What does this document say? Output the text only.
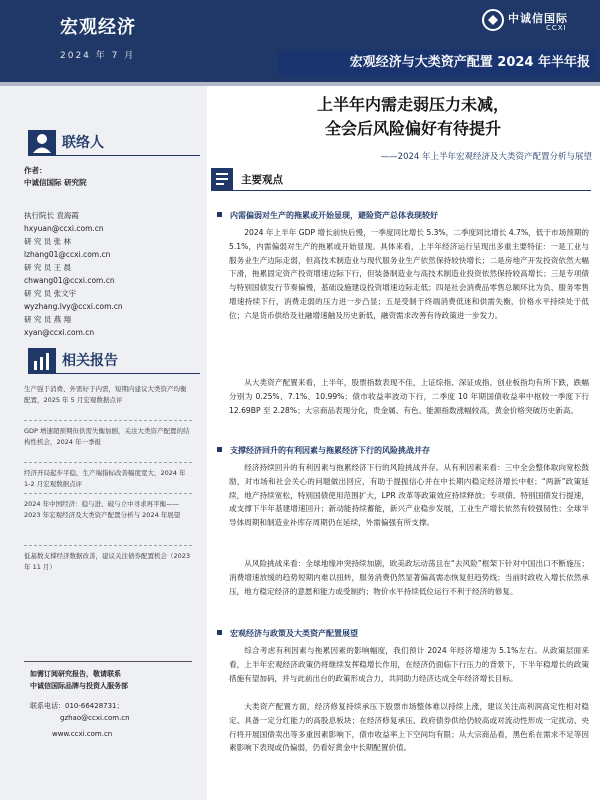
宏观经济
2024 年 7 月
中诚信国际
CCXI
宏观经济与大类资产配置 2024 年半年报
联络人
作者：
中诚信国际 研究院
执行院长 袁海霞
hxyuan@ccxi.com.cn
研 究 员 张 林
lzhang01@ccxi.com.cn
研 究 员 王 晨
chwang01@ccxi.com.cn
研 究 员 张文宇
wyzhang.lvy@ccxi.com.cn
研 究 员 燕 翔
xyan@ccxi.com.cn
相关报告
生产强于消费、外需好于内需，短期内建议大类资产均衡配置，2025 年 5 月宏观数据点评
GDP 增速超预期但供需失衡加剧，关注大类资产配置的结构性机会，2024 年一季报
经济开局起步平稳，生产端指标改善幅度宽大，2024 年 1-2 月宏观数据点评
2024 年中国经济：稳与进、破与立中寻求再平衡——2023 年宏观经济及大类资产配置分析与 2024 年展望
低基数支撑经济数据改善，建议关注债券配置机会（2023 年 11 月）
如需订阅研究报告，敬请联系
中诚信国际品牌与投资人服务部
联系电话：010-66428731；
gzhao@ccxi.com.cn
www.ccxi.com.cn
上半年内需走弱压力未减，
全会后风险偏好有待提升
——2024 年上半年宏观经济及大类资产配置分析与展望
主要观点
内需偏弱对生产的拖累或开始显现，避险资产总体表现较好
2024 年上半年 GDP 增长前快后慢，一季度同比增长 5.3%，二季度同比增长 4.7%，低于市场预期的 5.1%，内需偏弱对生产的拖累或开始显现。具体来看，上半年经济运行呈现出多重主要特征：一是工业与服务业生产边际走弱，但高技术制造业与现代服务业生产依然保持较快增长；二是房地产开发投资依然大幅下滑，拖累固定资产投资增速边际下行，但装备制造业与高技术制造业投资依然保持较高增长；三是专项债与特别国债发行节奏偏慢，基础设施建设投资增速边际走低；四是社会消费品零售总额环比为负、服务零售增速持续下行，消费走弱的压力进一步凸显；五是受制于终端消费低迷和供需失衡，价格水平持续处于低位；六是货币供给及社融增速触及历史新低，融资需求改善有待政策进一步发力。
从大类资产配置来看，上半年，股票指数表现不佳，上证综指、深证成指、创业板指均有所下跌，跌幅分别为 0.25%、7.1%、10.99%；债市收益率波动下行，二季度 10 年期国债收益率中枢较一季度下行 12.69BP 至 2.28%；大宗商品表现分化，贵金属、有色、能源指数涨幅较高，黄金价格突破历史新高。
支撑经济回升的有利因素与拖累经济下行的风险挑战并存
经济持续回升的有利因素与拖累经济下行的风险挑战并存。从有利因素来看：三中全会整体取向宽松鼓励，对市场和社会关心的问题做出回应，有助于提振信心并在中长期内稳定经济增长中枢；“两新”政策延续，地产持续宽松，特别国债使用范围扩大，LPR 改革等政策效应持续释放；专项债、特别国债发行提速，或支撑下半年基建增速回升；新动能持续蓄能，新兴产业稳步发展，工业生产增长依然有较强韧性；全球半导体周期和制造业补库存周期仍在延续，外需偏强有所支撑。
从风险挑战来看：全球地缘冲突持续加剧，欧美政坛动荡且在“去风险”框架下针对中国出口不断施压；消费增速放缓的趋势短期内难以扭转，服务消费仍然显著偏高需态恢复但趋势线；当前时政收入增长依然承压，地方稳定经济的意愿和能力或受制约；物价水平持续低位运行不利于经济的修复。
宏观经济与政策及大类资产配置展望
综合考虑有利因素与拖累因素的影响幅度，我们预计 2024 年经济增速为 5.1%左右。从政策层面来看，上半年宏观经济政策仍将继续发挥稳增长作用，在经济仍面临下行压力的背景下，下半年稳增长的政策措施有望加码，并与此前出台的政策形成合力，共同助力经济达成全年经济增长目标。
大类资产配置方面，经济修复持续承压下股票市场整体难以持续上涨，建议关注高利润高定性相对稳定、具备一定分红能力的高股息板块；在经济修复承压、政府债券供给仍较高或对流动性形成一定扰动、央行将开展国债卖出等多重因素影响下，债市收益率上下空间均有限；从大宗商品看，黑色系在需求不足等因素影响下表现或仍偏弱，仍看好黄金中长期配置价值。
